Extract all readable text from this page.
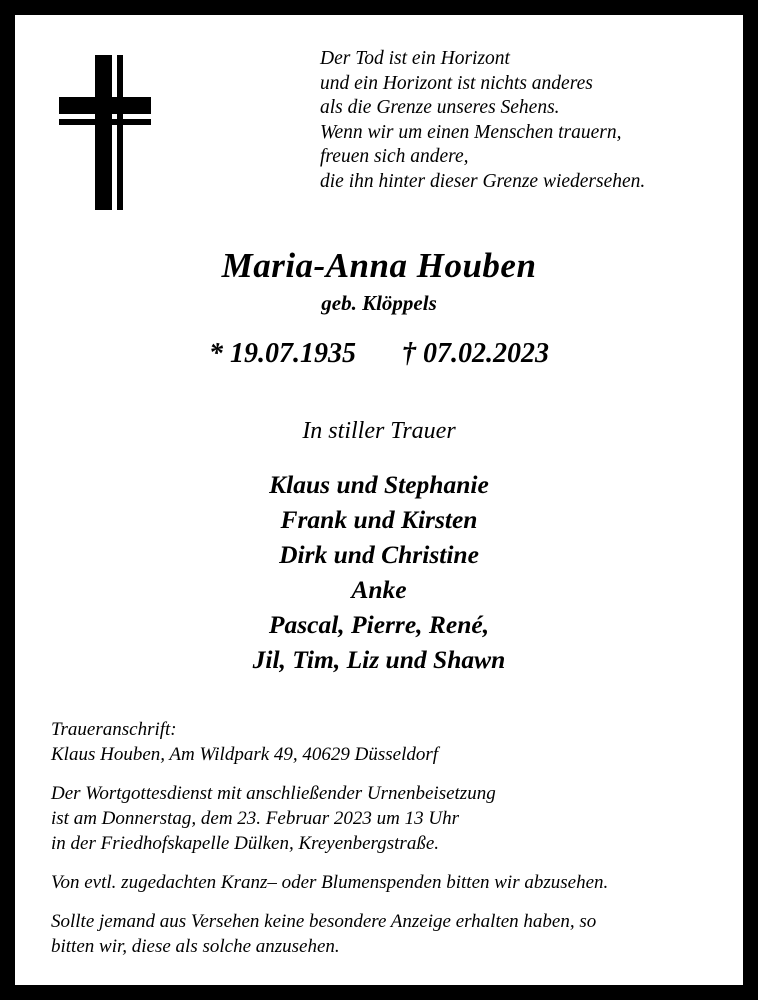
Der Tod ist ein Horizont
und ein Horizont ist nichts anderes
als die Grenze unseres Sehens.
Wenn wir um einen Menschen trauern,
freuen sich andere,
die ihn hinter dieser Grenze wiedersehen.
Maria-Anna Houben
geb. Klöppels
* 19.07.1935 † 07.02.2023
In stiller Trauer
Klaus und Stephanie
Frank und Kirsten
Dirk und Christine
Anke
Pascal, Pierre, René,
Jil, Tim, Liz und Shawn
Traueranschrift:
Klaus Houben, Am Wildpark 49, 40629 Düsseldorf
Der Wortgottesdienst mit anschließender Urnenbeisetzung
ist am Donnerstag, dem 23. Februar 2023 um 13 Uhr
in der Friedhofskapelle Dülken, Kreyenbergstraße.
Von evtl. zugedachten Kranz– oder Blumenspenden bitten wir abzusehen.
Sollte jemand aus Versehen keine besondere Anzeige erhalten haben, so
bitten wir, diese als solche anzusehen.
